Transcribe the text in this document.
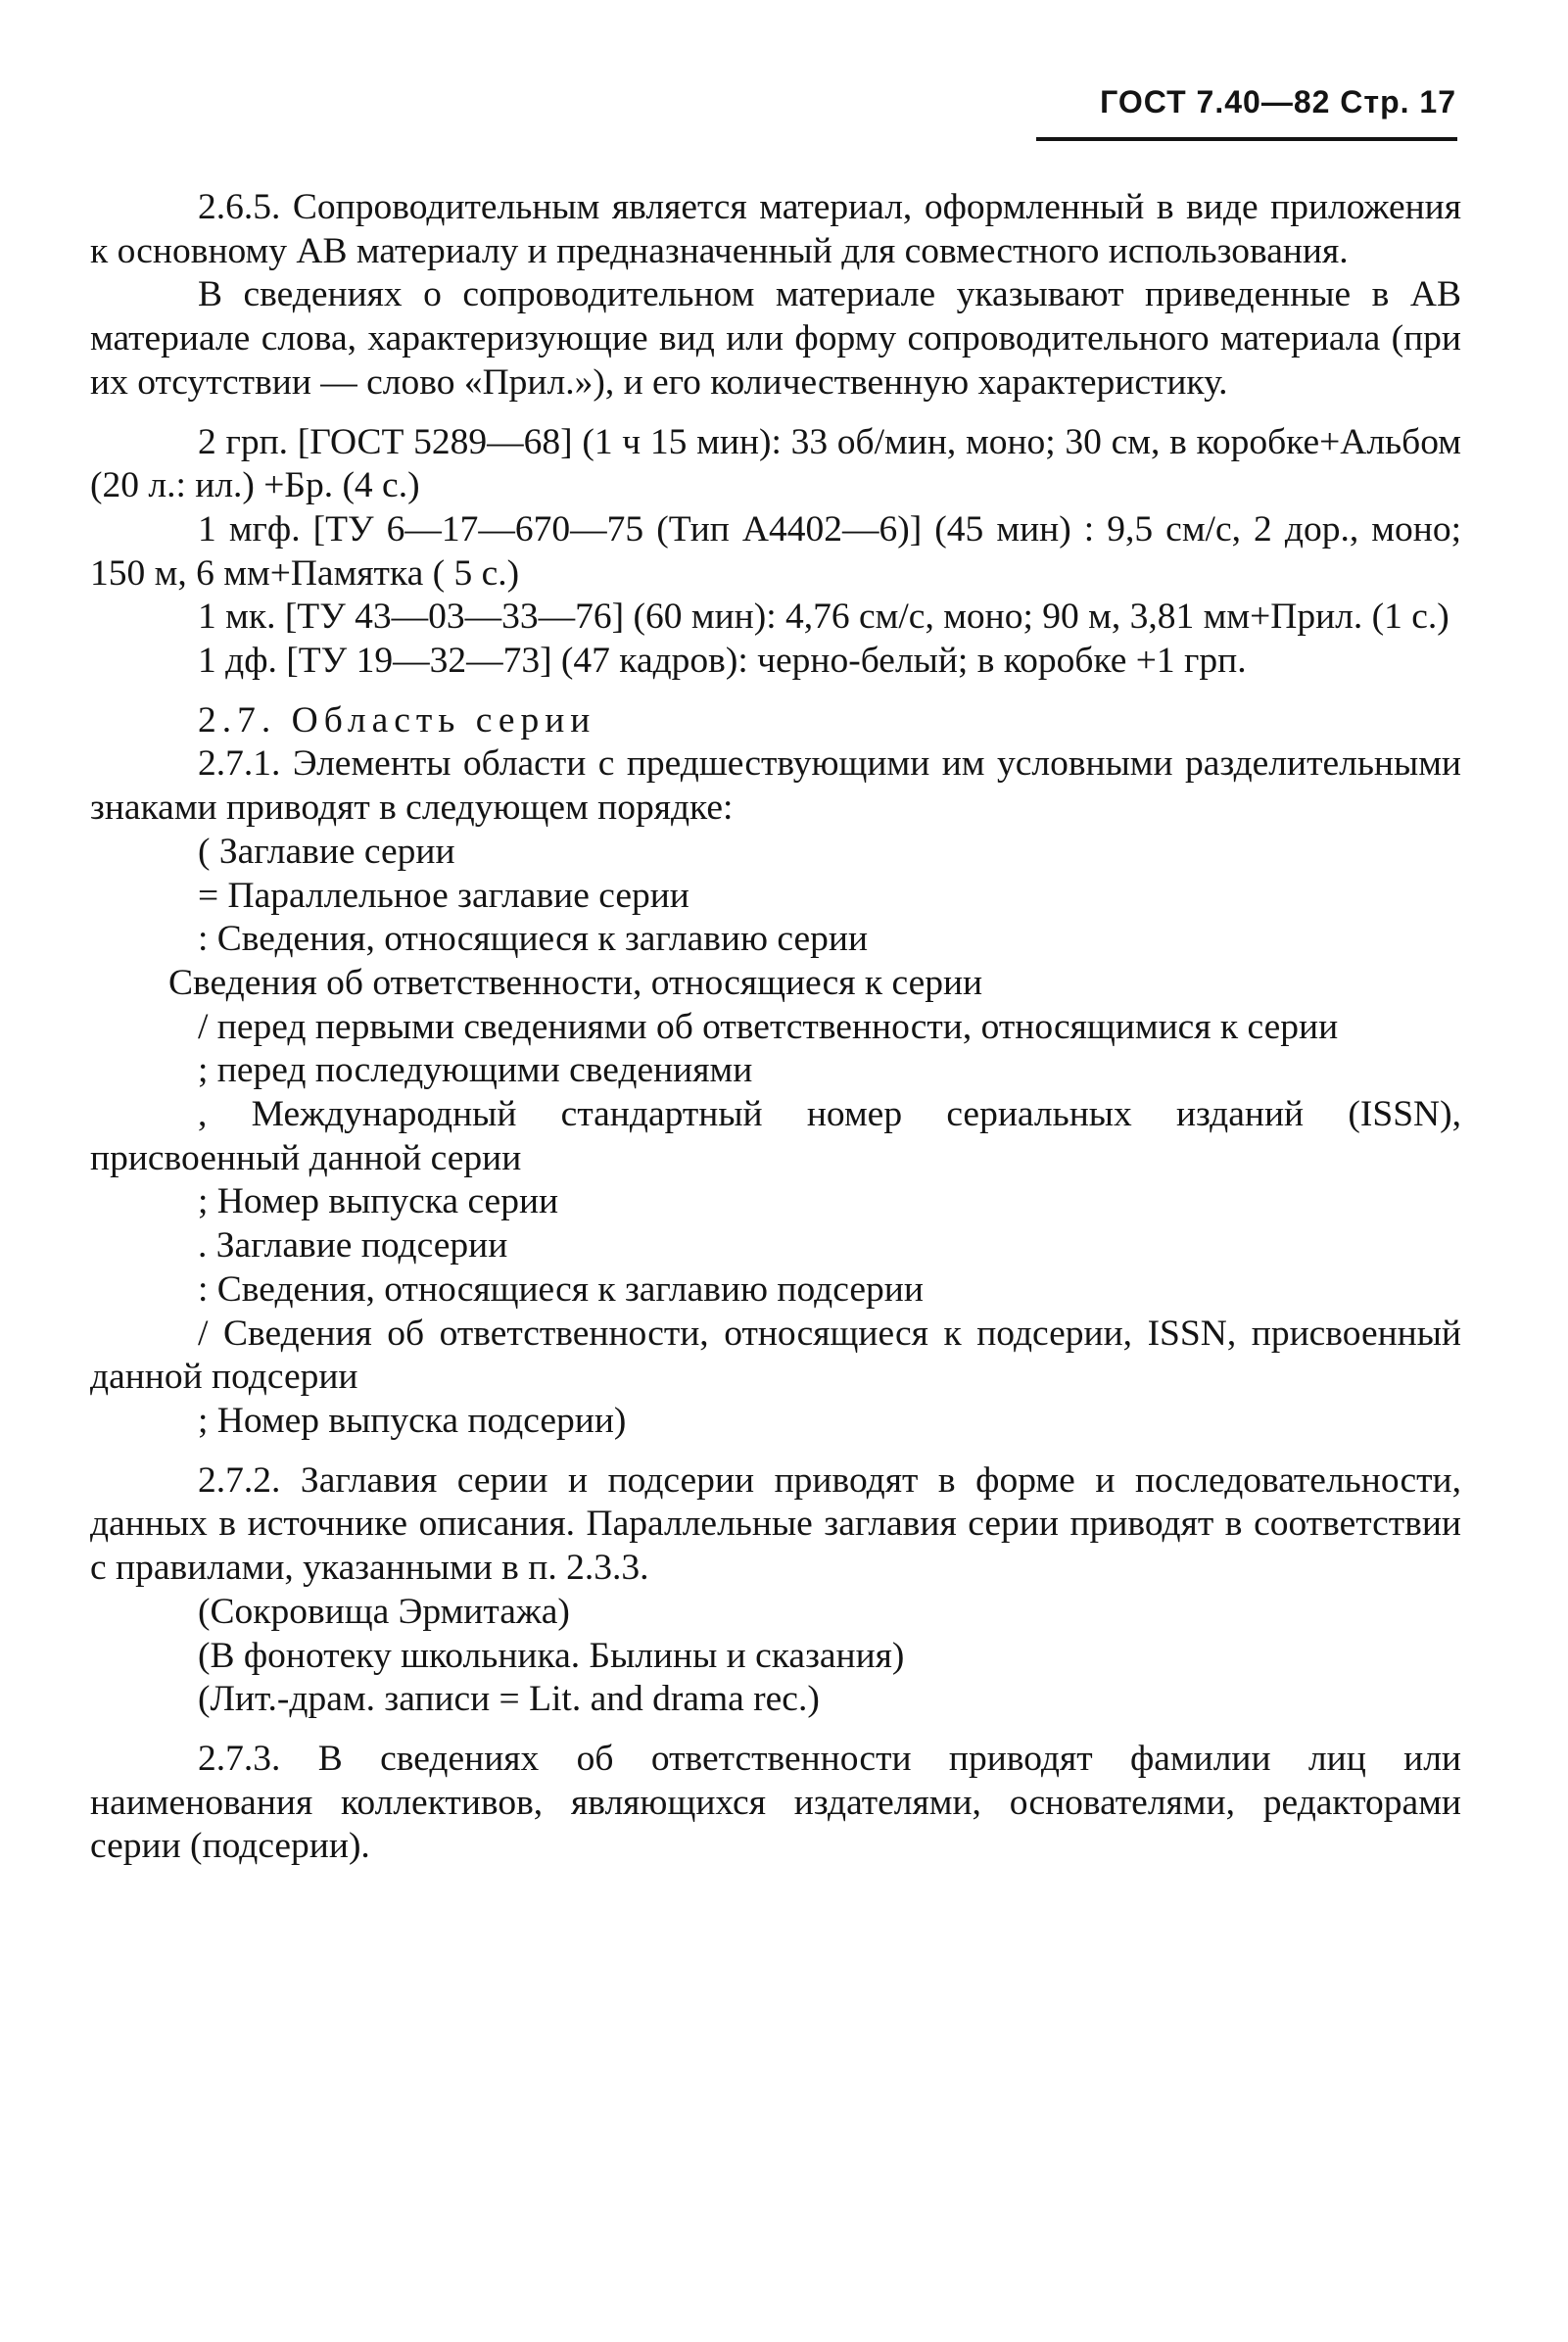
ГОСТ 7.40—82 Стр. 17

2.6.5. Сопроводительным является материал, оформленный в виде приложения к основному АВ материалу и предназначенный для совместного использования.

В сведениях о сопроводительном материале указывают приведенные в АВ материале слова, характеризующие вид или форму сопроводительного материала (при их отсутствии — слово «Прил.»), и его количественную характеристику.

2 грп. [ГОСТ 5289—68] (1 ч 15 мин): 33 об/мин, моно; 30 см, в коробке+Альбом (20 л.: ил.) +Бр. (4 с.)

1 мгф. [ТУ 6—17—670—75 (Тип А4402—6)] (45 мин) : 9,5 см/с, 2 дор., моно; 150 м, 6 мм+Памятка ( 5 с.)

1 мк. [ТУ 43—03—33—76] (60 мин): 4,76 см/с, моно; 90 м, 3,81 мм+Прил. (1 с.)

1 дф. [ТУ 19—32—73] (47 кадров): черно-белый; в коробке +1 грп.

2.7. Область серии

2.7.1. Элементы области с предшествующими им условными разделительными знаками приводят в следующем порядке:

( Заглавие серии

= Параллельное заглавие серии

: Сведения, относящиеся к заглавию серии

Сведения об ответственности, относящиеся к серии

/ перед первыми сведениями об ответственности, относящимися к серии

; перед последующими сведениями

, Международный стандартный номер сериальных изданий (ISSN), присвоенный данной серии

; Номер выпуска серии

. Заглавие подсерии

: Сведения, относящиеся к заглавию подсерии

/ Сведения об ответственности, относящиеся к подсерии, ISSN, присвоенный данной подсерии

; Номер выпуска подсерии)

2.7.2. Заглавия серии и подсерии приводят в форме и последовательности, данных в источнике описания. Параллельные заглавия серии приводят в соответствии с правилами, указанными в п. 2.3.3.

(Сокровища Эрмитажа)

(В фонотеку школьника. Былины и сказания)

(Лит.-драм. записи = Lit. and drama rec.)

2.7.3. В сведениях об ответственности приводят фамилии лиц или наименования коллективов, являющихся издателями, основателями, редакторами серии (подсерии).
